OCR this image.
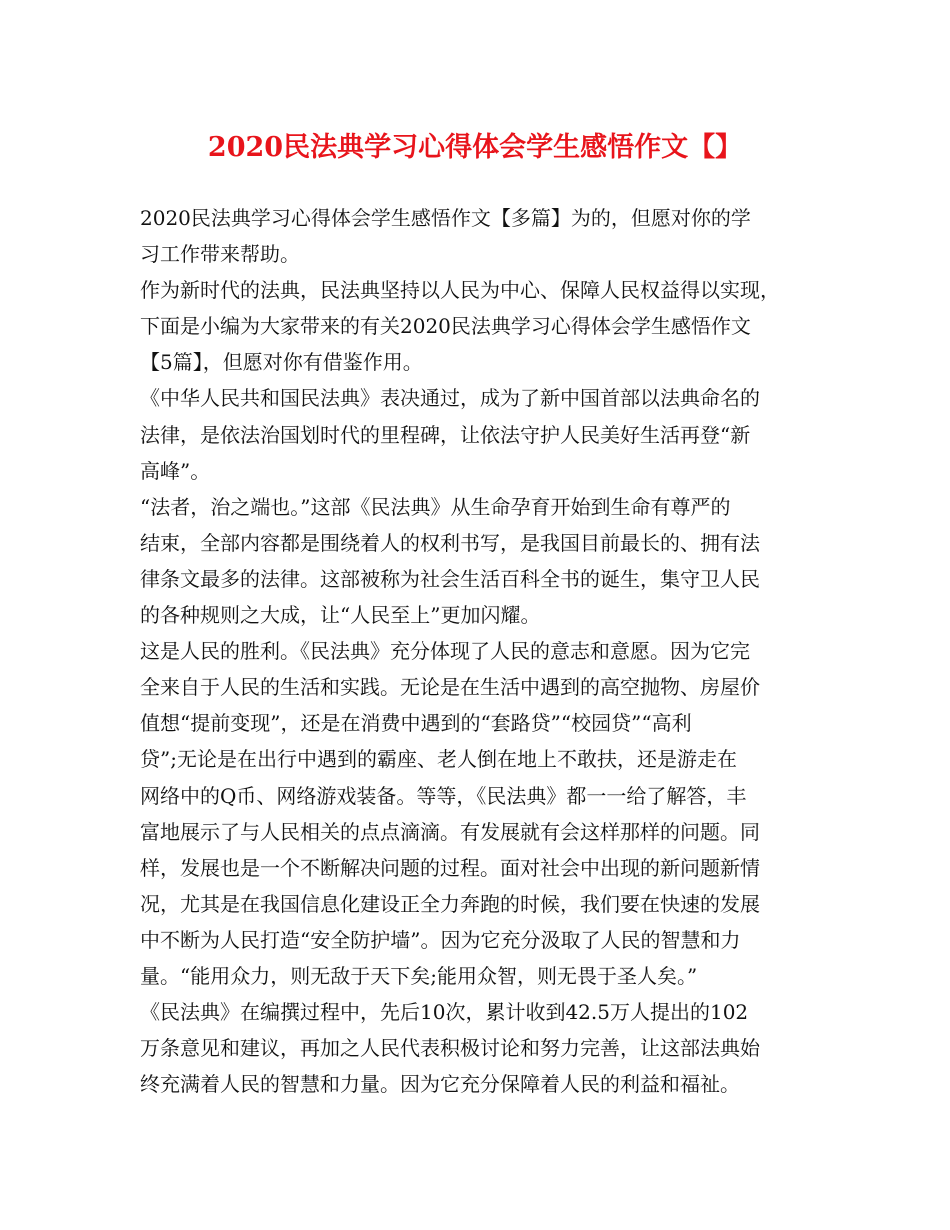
2020民法典学习心得体会学生感悟作文【】
2020民法典学习心得体会学生感悟作文【多篇】为的，但愿对你的学
习工作带来帮助。
作为新时代的法典，民法典坚持以人民为中心、保障人民权益得以实现，
下面是小编为大家带来的有关2020民法典学习心得体会学生感悟作文
【5篇】，但愿对你有借鉴作用。
《中华人民共和国民法典》表决通过，成为了新中国首部以法典命名的
法律，是依法治国划时代的里程碑，让依法守护人民美好生活再登“新
高峰”。
“法者，治之端也。”这部《民法典》从生命孕育开始到生命有尊严的
结束，全部内容都是围绕着人的权利书写，是我国目前最长的、拥有法
律条文最多的法律。这部被称为社会生活百科全书的诞生，集守卫人民
的各种规则之大成，让“人民至上”更加闪耀。
这是人民的胜利。《民法典》充分体现了人民的意志和意愿。因为它完
全来自于人民的生活和实践。无论是在生活中遇到的高空抛物、房屋价
值想“提前变现”，还是在消费中遇到的“套路贷”“校园贷”“高利
贷”;无论是在出行中遇到的霸座、老人倒在地上不敢扶，还是游走在
网络中的Q币、网络游戏装备。等等，《民法典》都一一给了解答，丰
富地展示了与人民相关的点点滴滴。有发展就有会这样那样的问题。同
样，发展也是一个不断解决问题的过程。面对社会中出现的新问题新情
况，尤其是在我国信息化建设正全力奔跑的时候，我们要在快速的发展
中不断为人民打造“安全防护墙”。因为它充分汲取了人民的智慧和力
量。“能用众力，则无敌于天下矣;能用众智，则无畏于圣人矣。”
《民法典》在编撰过程中，先后10次，累计收到42.5万人提出的102
万条意见和建议，再加之人民代表积极讨论和努力完善，让这部法典始
终充满着人民的智慧和力量。因为它充分保障着人民的利益和福祉。
